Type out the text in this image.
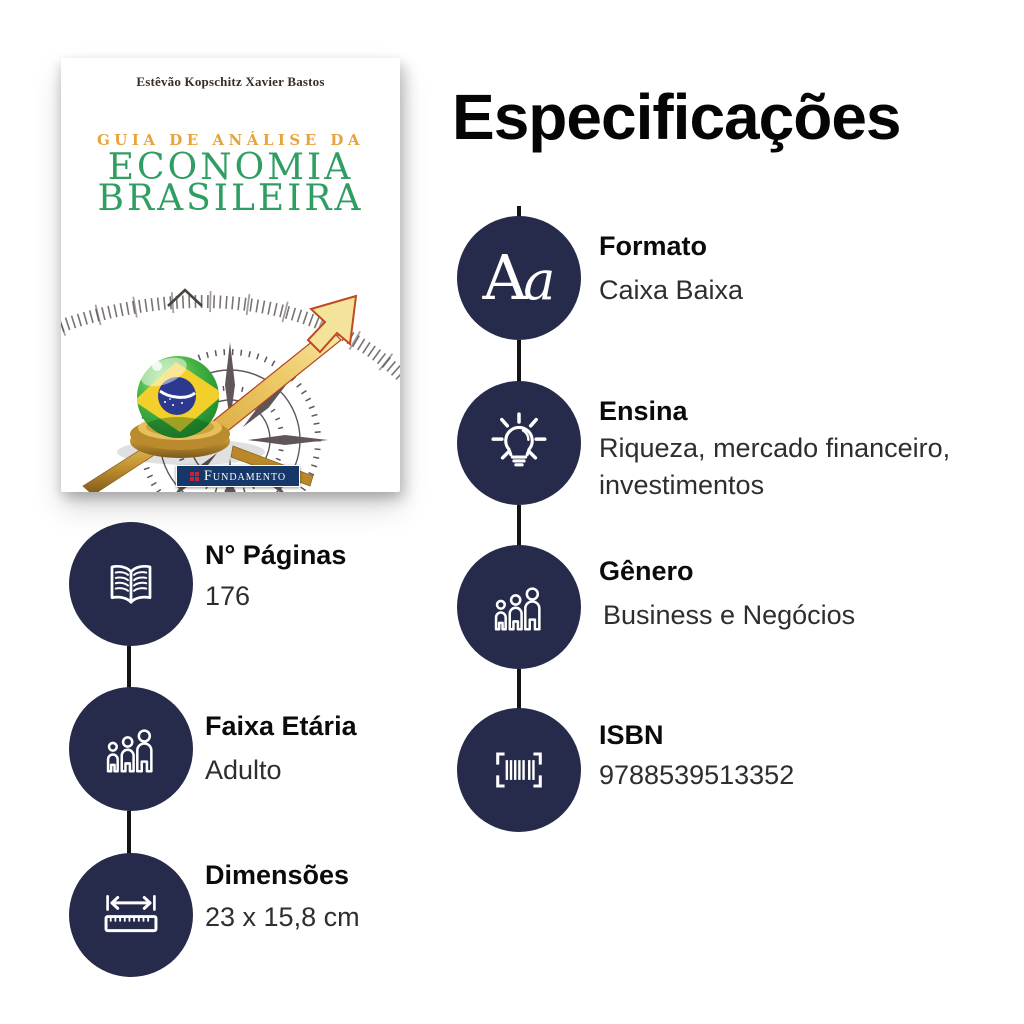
Especificações
Estêvão Kopschitz Xavier Bastos
GUIA DE ANÁLISE DA
ECONOMIA
BRASILEIRA
Fundamento
A
a
Formato
Caixa Baixa
Ensina
Riqueza, mercado financeiro, investimentos
Gênero
Business e Negócios
ISBN
9788539513352
N° Páginas
176
Faixa Etária
Adulto
Dimensões
23 x 15,8 cm
